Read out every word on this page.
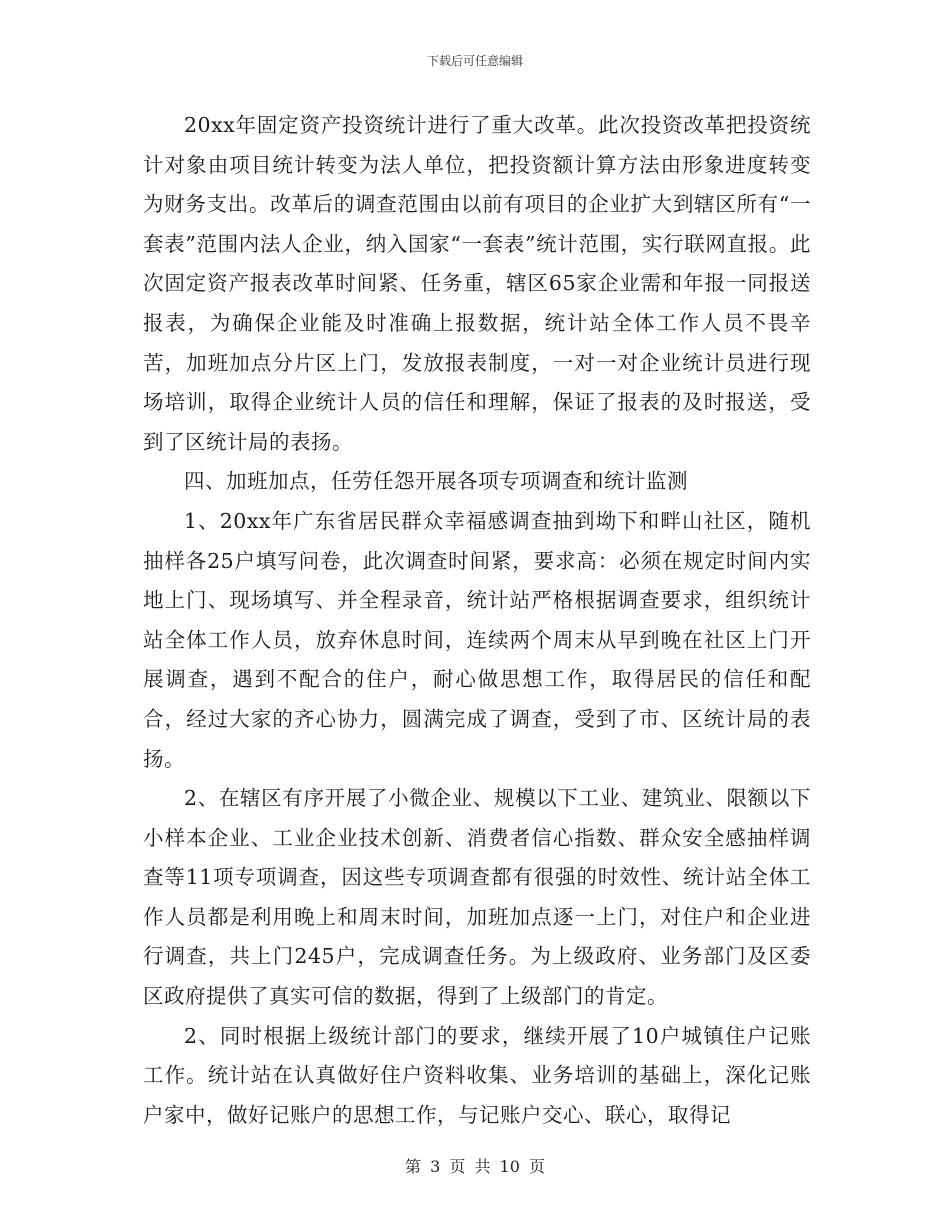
下载后可任意编辑

20xx年固定资产投资统计进行了重大改革。此次投资改革把投资统计对象由项目统计转变为法人单位，把投资额计算方法由形象进度转变为财务支出。改革后的调查范围由以前有项目的企业扩大到辖区所有“一套表”范围内法人企业，纳入国家“一套表”统计范围，实行联网直报。此次固定资产报表改革时间紧、任务重，辖区65家企业需和年报一同报送报表，为确保企业能及时准确上报数据，统计站全体工作人员不畏辛苦，加班加点分片区上门，发放报表制度，一对一对企业统计员进行现场培训，取得企业统计人员的信任和理解，保证了报表的及时报送，受到了区统计局的表扬。

四、加班加点，任劳任怨开展各项专项调查和统计监测

1、20xx年广东省居民群众幸福感调查抽到坳下和畔山社区，随机抽样各25户填写问卷，此次调查时间紧，要求高：必须在规定时间内实地上门、现场填写、并全程录音，统计站严格根据调查要求，组织统计站全体工作人员，放弃休息时间，连续两个周末从早到晚在社区上门开展调查，遇到不配合的住户，耐心做思想工作，取得居民的信任和配合，经过大家的齐心协力，圆满完成了调查，受到了市、区统计局的表扬。

2、在辖区有序开展了小微企业、规模以下工业、建筑业、限额以下小样本企业、工业企业技术创新、消费者信心指数、群众安全感抽样调查等11项专项调查，因这些专项调查都有很强的时效性、统计站全体工作人员都是利用晚上和周末时间，加班加点逐一上门，对住户和企业进行调查，共上门245户，完成调查任务。为上级政府、业务部门及区委区政府提供了真实可信的数据，得到了上级部门的肯定。

2、同时根据上级统计部门的要求，继续开展了10户城镇住户记账工作。统计站在认真做好住户资料收集、业务培训的基础上，深化记账户家中，做好记账户的思想工作，与记账户交心、联心，取得记

第 3 页 共 10 页
